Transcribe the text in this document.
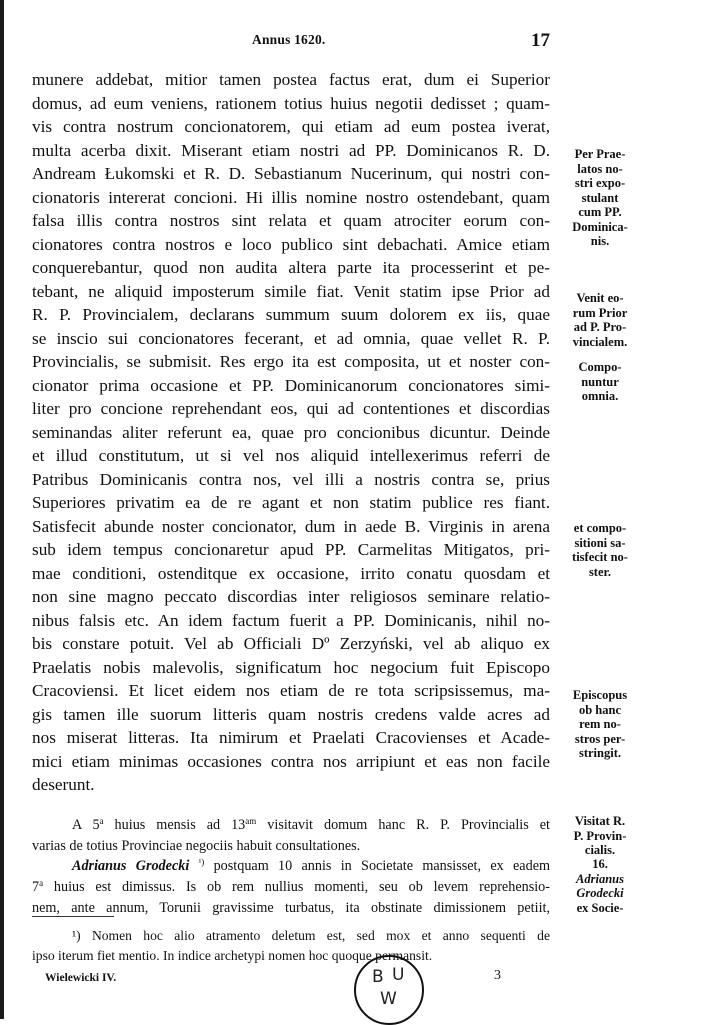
Annus 1620.	17
munere addebat, mitior tamen postea factus erat, dum ei Superior
domus, ad eum veniens, rationem totius huius negotii dedisset ; quam-
vis contra nostrum concionatorem, qui etiam ad eum postea iverat,
multa acerba dixit. Miserant etiam nostri ad PP. Dominicanos R. D.
Andream Łukomski et R. D. Sebastianum Nucerinum, qui nostri con-
cionatoris intererat concioni. Hi illis nomine nostro ostendebant, quam
falsa illis contra nostros sint relata et quam atrociter eorum con-
cionatores contra nostros e loco publico sint debachati. Amice etiam
conquerebantur, quod non audita altera parte ita processerint et pe-
tebant, ne aliquid imposterum simile fiat. Venit statim ipse Prior ad
R. P. Provincialem, declarans summum suum dolorem ex iis, quae
se inscio sui concionatores fecerant, et ad omnia, quae vellet R. P.
Provincialis, se submisit. Res ergo ita est composita, ut et noster con-
cionator prima occasione et PP. Dominicanorum concionatores simi-
liter pro concione reprehendant eos, qui ad contentiones et discordias
seminandas aliter referunt ea, quae pro concionibus dicuntur. Deinde
et illud constitutum, ut si vel nos aliquid intellexerimus referri de
Patribus Dominicanis contra nos, vel illi a nostris contra se, prius
Superiores privatim ea de re agant et non statim publice res fiant.
Satisfecit abunde noster concionator, dum in aede B. Virginis in arena
sub idem tempus concionaretur apud PP. Carmelitas Mitigatos, pri-
mae conditioni, ostenditque ex occasione, irrito conatu quosdam et
non sine magno peccato discordias inter religiosos seminare relatio-
nibus falsis etc. An idem factum fuerit a PP. Dominicanis, nihil no-
bis constare potuit. Vel ab Officiali Dº Zerzyński, vel ab aliquo ex
Praelatis nobis malevolis, significatum hoc negocium fuit Episcopo
Cracoviensi. Et licet eidem nos etiam de re tota scripsissemus, ma-
gis tamen ille suorum litteris quam nostris credens valde acres ad
nos miserat litteras. Ita nimirum et Praelati Cracovienses et Acade-
mici etiam minimas occasiones contra nos arripiunt et eas non facile
deserunt.
A 5$^a$ huius mensis ad $13^{am}$ visitavit domum hanc R. P. Provincialis et
varias de totius Provinciae negociis habuit consultationes.
Adrianus Grodecki $^{^1)}$ postquam 10 annis in Societate mansisset, ex eadem
7$^a$ huius est dimissus. Is ob rem nullius momenti, seu ob levem reprehensio-
nem, ante annum, Torunii gravissime turbatus, ita obstinate dimissionem petiit,
¹) Nomen hoc alio atramento deletum est, sed mox et anno sequenti de
ipso iterum fiet mentio. In indice archetypi nomen hoc quoque permansit.
Wielewicki IV.	3
Per Prae-
latos no-
stri expo-
stulant
cum PP.
Dominica-
nis.
Venit eo-
rum Prior
ad P. Pro-
vincialem.
Compo-
nuntur
omnia.
et compo-
sitioni sa-
tisfecit no-
ster.
Episcopus
ob hanc
rem no-
stros per-
stringit.
Visitat R.
P. Provin-
cialis.
16.
Adrianus
Grodecki
ex Socie-
B U
W
